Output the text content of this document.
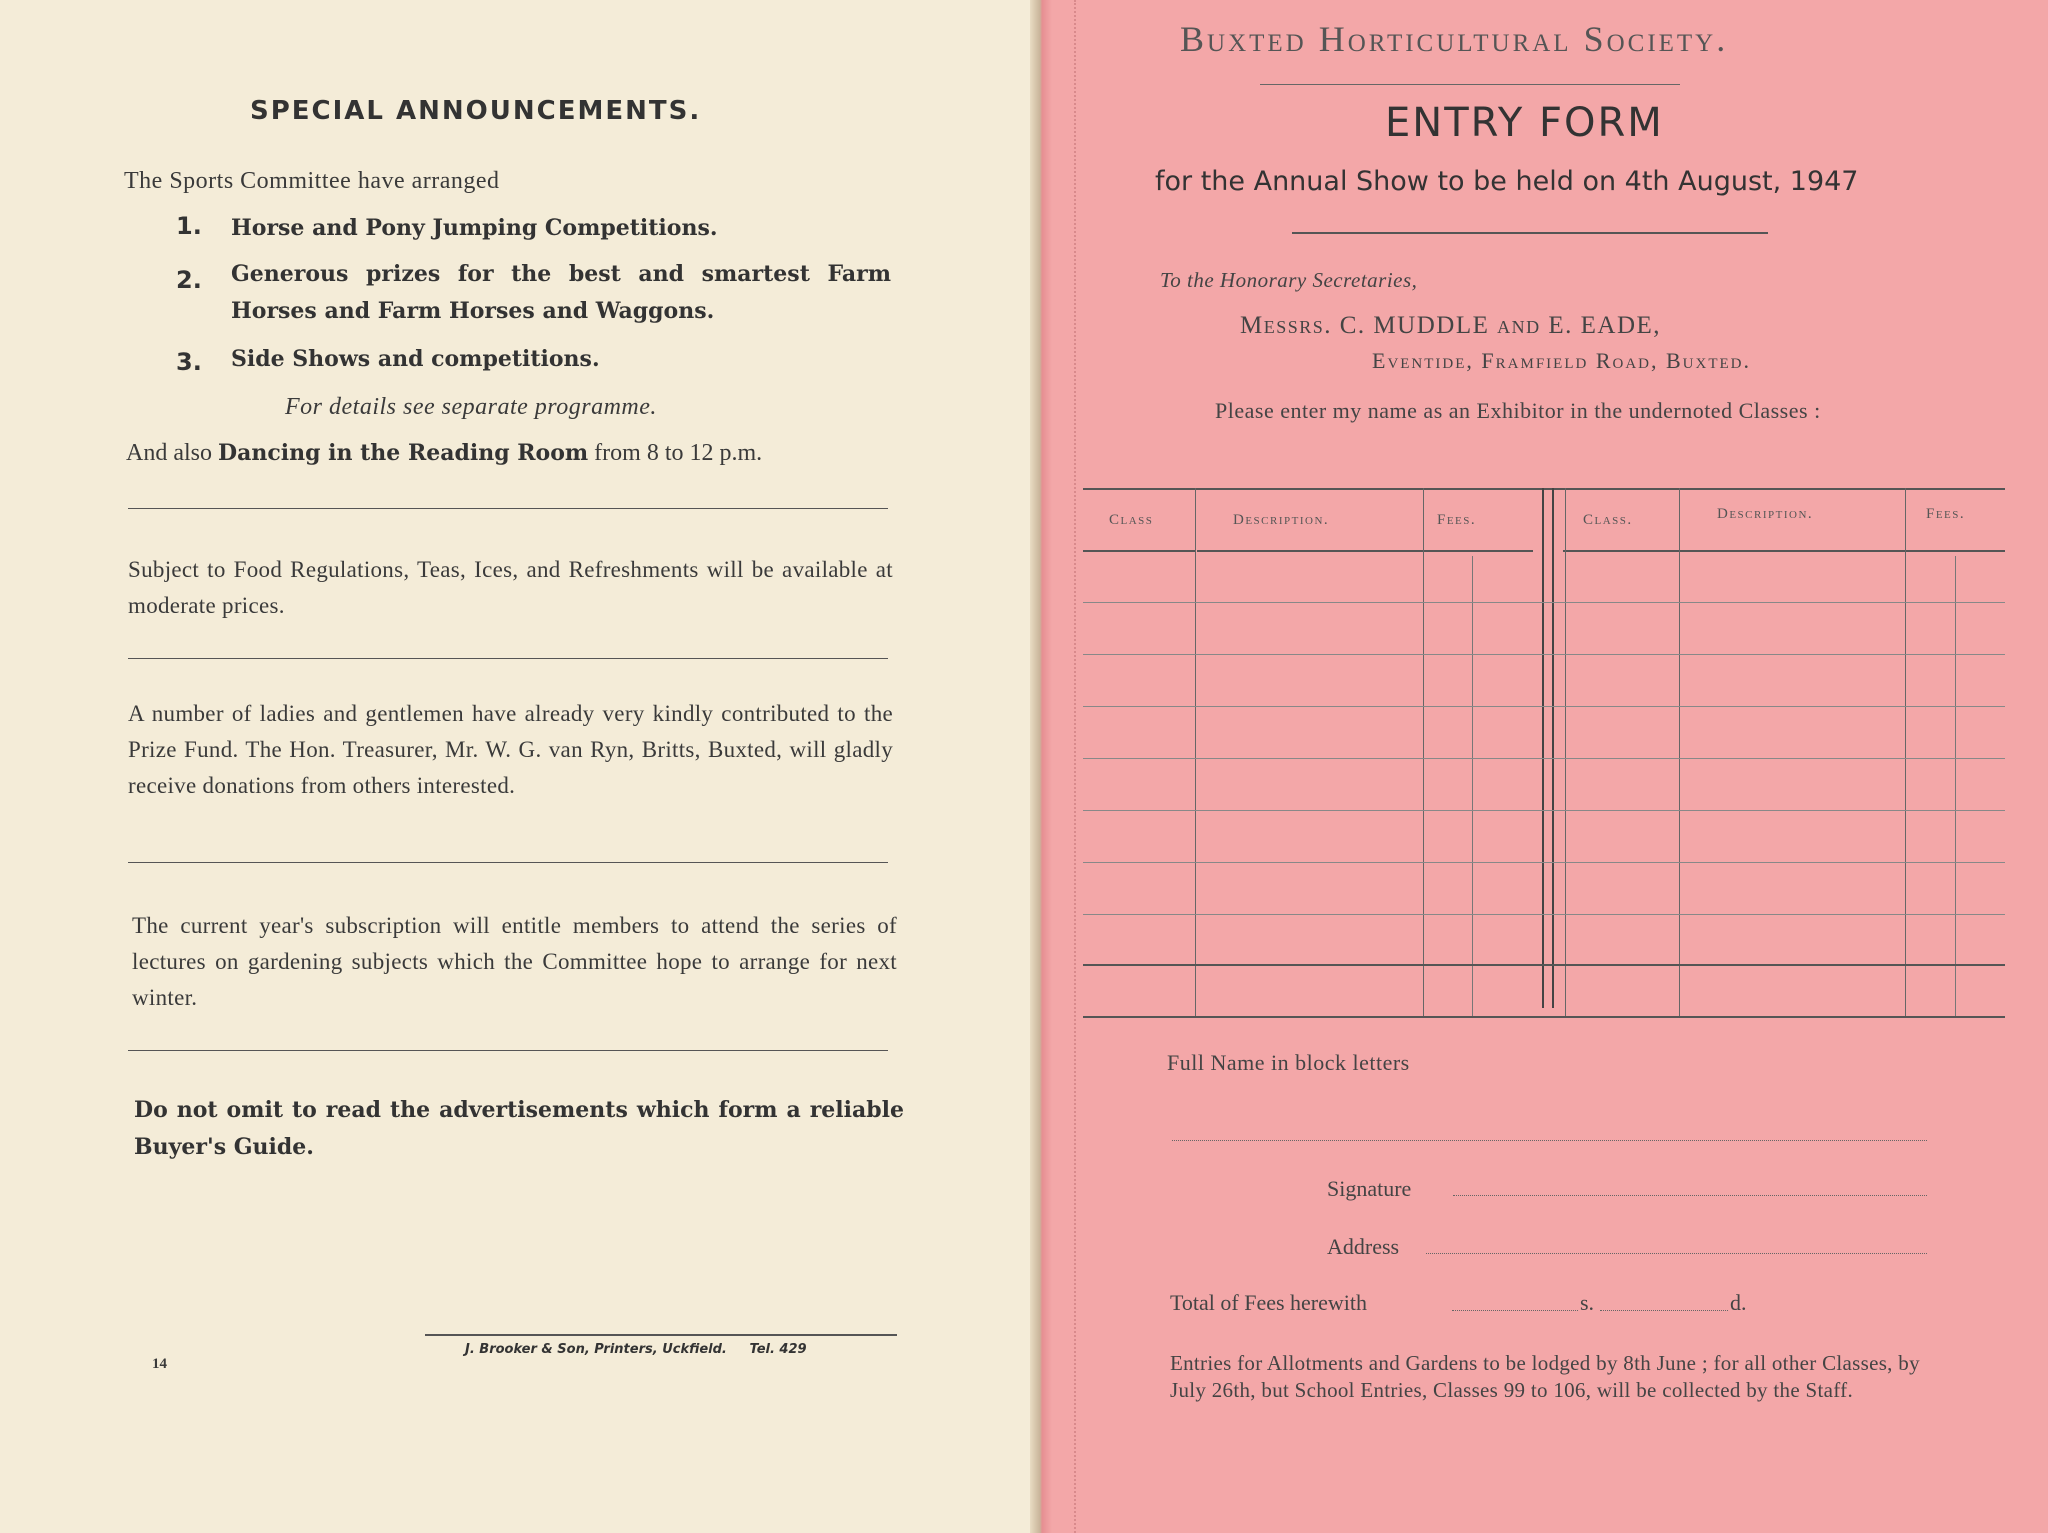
SPECIAL ANNOUNCEMENTS.

The Sports Committee have arranged

1. Horse and Pony Jumping Competitions.
2. Generous prizes for the best and smartest Farm Horses and Farm Horses and Waggons.
3. Side Shows and competitions.

For details see separate programme.

And also Dancing in the Reading Room from 8 to 12 p.m.

Subject to Food Regulations, Teas, Ices, and Refreshments will be available at moderate prices.

A number of ladies and gentlemen have already very kindly contributed to the Prize Fund. The Hon. Treasurer, Mr. W. G. van Ryn, Britts, Buxted, will gladly receive donations from others interested.

The current year's subscription will entitle members to attend the series of lectures on gardening subjects which the Committee hope to arrange for next winter.

Do not omit to read the advertisements which form a reliable Buyer's Guide.

14

J. Brooker & Son, Printers, Uckfield. Tel. 429

Buxted Horticultural Society.

ENTRY FORM

for the Annual Show to be held on 4th August, 1947

To the Honorary Secretaries,

Messrs. C. MUDDLE and E. EADE,

Eventide, Framfield Road, Buxted.

Please enter my name as an Exhibitor in the undernoted Classes :

Class	Description.	Fees.	Class.	Description.	Fees.

Full Name in block letters

Signature

Address

Total of Fees herewith	s.	d.

Entries for Allotments and Gardens to be lodged by 8th June ; for all other Classes, by July 26th, but School Entries, Classes 99 to 106, will be collected by the Staff.
